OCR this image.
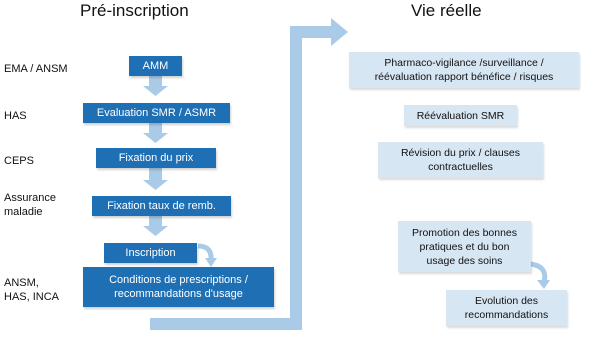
Pré-inscription	Vie réelle
EMA / ANSM
HAS
CEPS
Assurance
maladie
ANSM,
HAS, INCA
AMM
Evaluation SMR / ASMR
Fixation du prix
Fixation taux de remb.
Inscription
Conditions de prescriptions /
recommandations d'usage
Pharmaco-vigilance /surveillance /
réévaluation rapport bénéfice / risques
Réévaluation SMR
Révision du prix / clauses
contractuelles
Promotion des bonnes
pratiques et du bon
usage des soins
Evolution des
recommandations
